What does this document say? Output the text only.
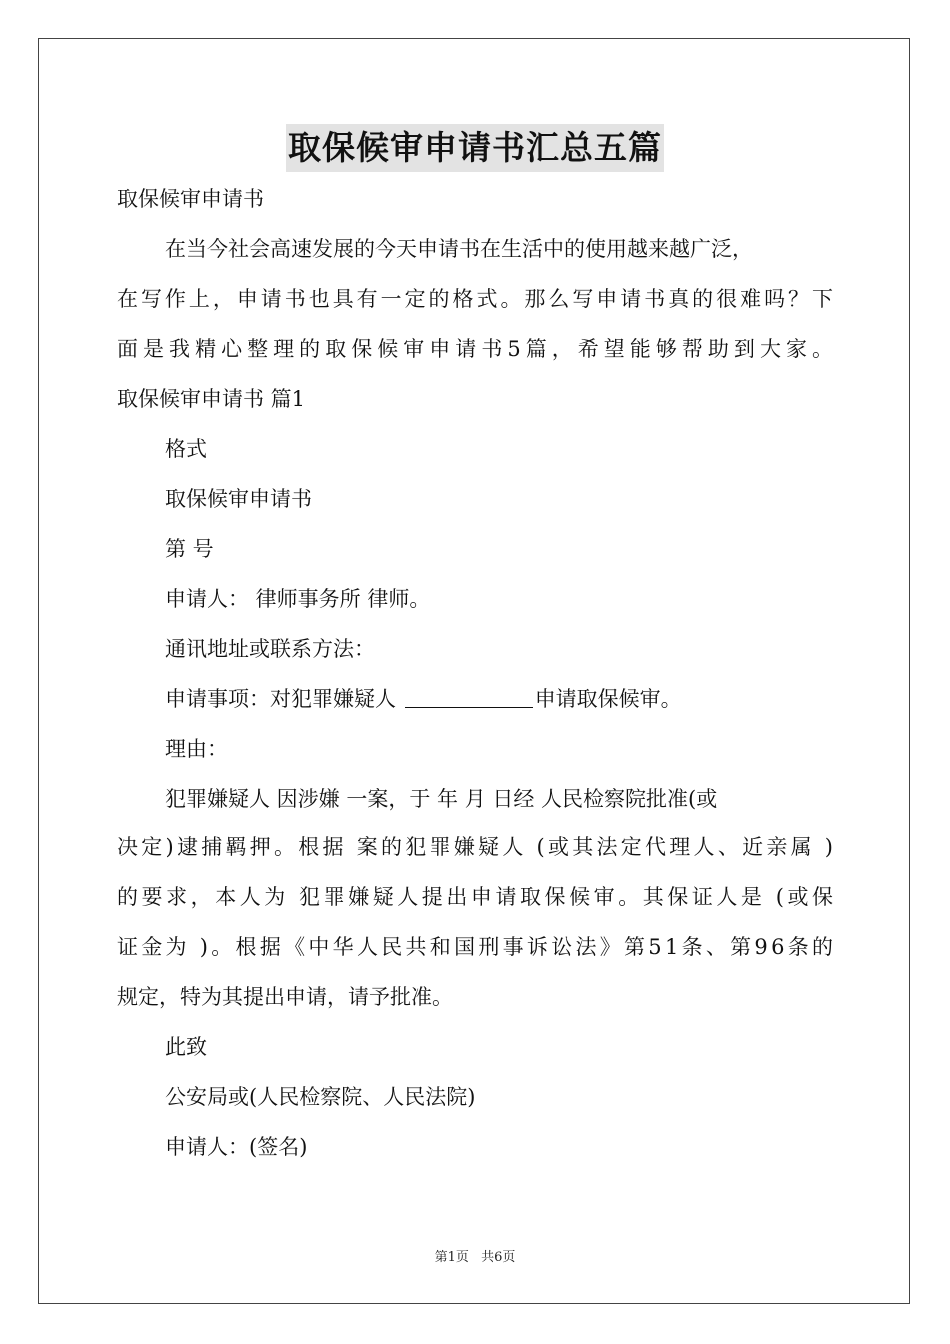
取保候审申请书汇总五篇
取保候审申请书
在当今社会高速发展的今天申请书在生活中的使用越来越广泛，
在写作上，申请书也具有一定的格式。那么写申请书真的很难吗？下
面是我精心整理的取保候审申请书5篇，希望能够帮助到大家。
取保候审申请书 篇1
格式
取保候审申请书
第 号
申请人： 律师事务所 律师。
通讯地址或联系方法：
申请事项：对犯罪嫌疑人	申请取保候审。
理由：
犯罪嫌疑人 因涉嫌 一案，于 年 月 日经 人民检察院批准(或
决定)逮捕羁押。根据 案的犯罪嫌疑人 (或其法定代理人、近亲属 )
的要求，本人为 犯罪嫌疑人提出申请取保候审。其保证人是 (或保
证金为 )。根据《中华人民共和国刑事诉讼法》第51条、第96条的
规定，特为其提出申请，请予批准。
此致
公安局或(人民检察院、人民法院)
申请人：(签名)
第1页 共6页
